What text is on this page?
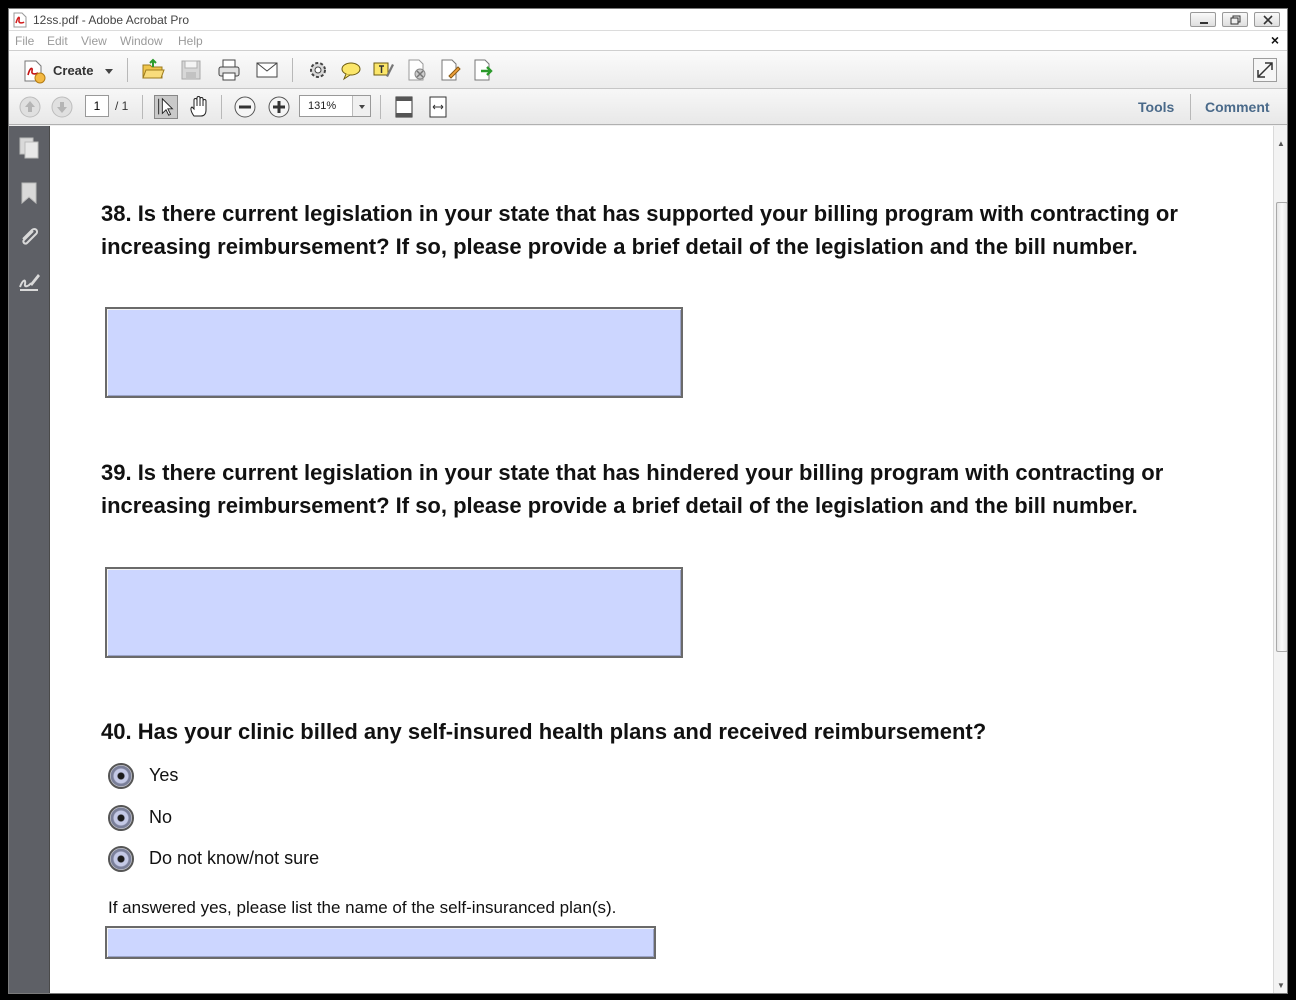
12ss.pdf - Adobe Acrobat Pro
File Edit View Window Help	×
Create
1	/ 1	131%	Tools Comment
38. Is there current legislation in your state that has supported your billing program with contracting or increasing reimbursement? If so, please provide a brief detail of the legislation and the bill number.
39. Is there current legislation in your state that has hindered your billing program with contracting or increasing reimbursement? If so, please provide a brief detail of the legislation and the bill number.
40. Has your clinic billed any self-insured health plans and received reimbursement?
Yes
No
Do not know/not sure
If answered yes, please list the name of the self-insuranced plan(s).
▲
▼
